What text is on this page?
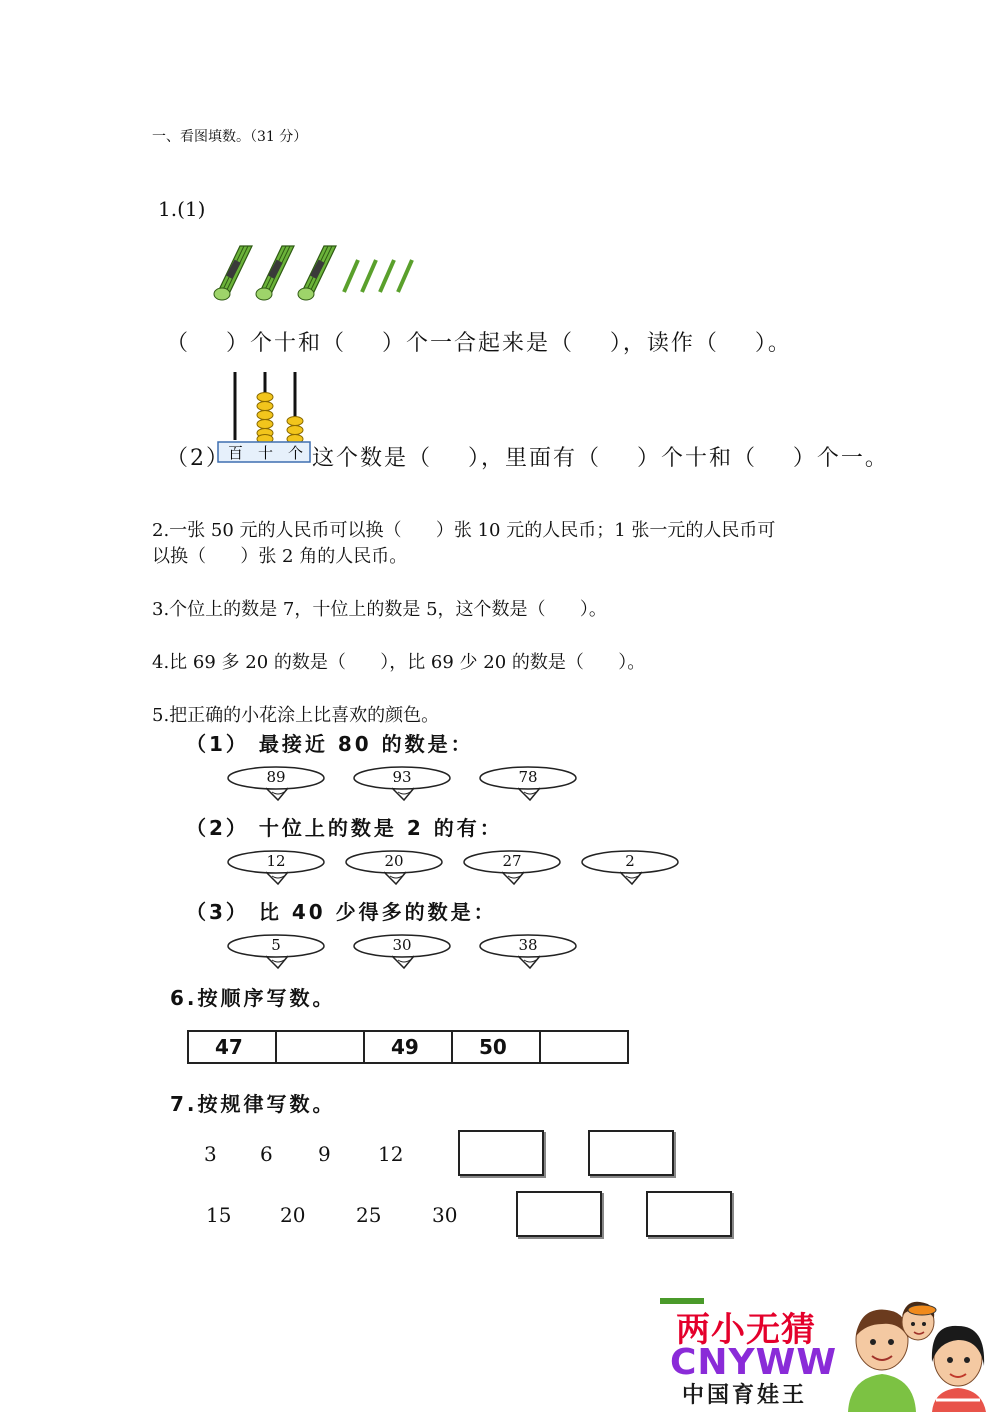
一、看图填数。（31 分）
1.(1)
（    ）个十和（    ）个一合起来是（    ），读作（    ）。
百 十 个
（2）	这个数是（    ），里面有（    ）个十和（    ）个一。
2.一张 50 元的人民币可以换（      ）张 10 元的人民币；1 张一元的人民币可
以换（      ）张 2 角的人民币。
3.个位上的数是 7，十位上的数是 5，这个数是（      ）。
4.比 69 多 20 的数是（      ），比 69 少 20 的数是（      ）。
5.把正确的小花涂上比喜欢的颜色。
（1） 最接近 80 的数是：
89	93	78
（2） 十位上的数是 2 的有：
12	20	27	2
（3） 比 40 少得多的数是：
5	30	38
6.按顺序写数。
47		49	50	
7.按规律写数。
3 6 9 12
15 20	25	30
两小无猜
CNYWW
中国育娃王
